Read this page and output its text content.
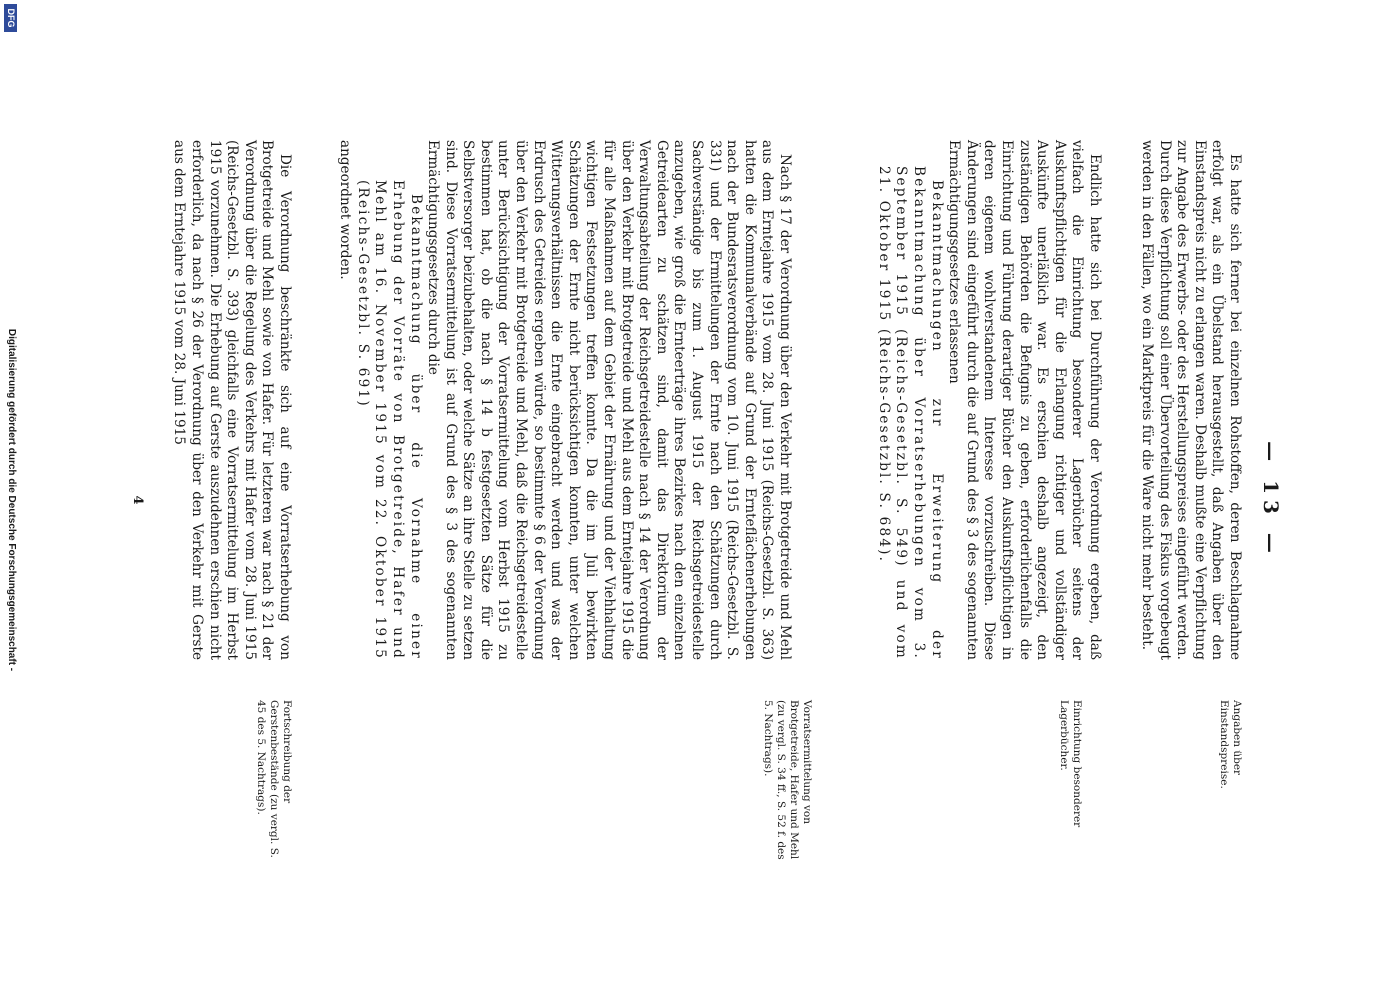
— 13 —

Es hatte sich ferner bei einzelnen Rohstoffen, deren Beschlagnahme erfolgt war, als ein Übelstand herausgestellt, daß Angaben über den Einstandspreis nicht zu erlangen waren. Deshalb mußte eine Verpflichtung zur Angabe des Erwerbs- oder des Herstellungspreises eingeführt werden. Durch diese Verpflichtung soll einer Übervorteilung des Fiskus vorgebeugt werden in den Fällen, wo ein Marktpreis für die Ware nicht mehr besteht.

Endlich hatte sich bei Durchführung der Verordnung ergeben, daß vielfach die Einrichtung besonderer Lagerbücher seitens der Auskunftspflichtigen für die Erlangung richtiger und vollständiger Auskünfte unerläßlich war. Es erschien deshalb angezeigt, den zuständigen Behörden die Befugnis zu geben, erforderlichenfalls die Einrichtung und Führung derartiger Bücher den Auskunftspflichtigen in deren eigenem wohlverstandenem Interesse vorzuschreiben. Diese Änderungen sind eingeführt durch die auf Grund des § 3 des sogenannten Ermächtigungsgesetzes erlassenen

Bekanntmachungen zur Erweiterung der Bekanntmachung über Vorratserhebungen vom 3. September 1915 (Reichs-Gesetzbl. S. 549) und vom 21. Oktober 1915 (Reichs-Gesetzbl. S. 684).

Nach § 17 der Verordnung über den Verkehr mit Brotgetreide und Mehl aus dem Erntejahre 1915 vom 28. Juni 1915 (Reichs-Gesetzbl. S. 363) hatten die Kommunalverbände auf Grund der Ernteflächenerhebungen nach der Bundesratsverordnung vom 10. Juni 1915 (Reichs-Gesetzbl. S. 331) und der Ermittelungen der Ernte nach den Schätzungen durch Sachverständige bis zum 1. August 1915 der Reichsgetreidestelle anzugeben, wie groß die Ernteerträge ihres Bezirkes nach den einzelnen Getreidearten zu schätzen sind, damit das Direktorium der Verwaltungsabteilung der Reichsgetreidestelle nach § 14 der Verordnung über den Verkehr mit Brotgetreide und Mehl aus dem Erntejahre 1915 die für alle Maßnahmen auf dem Gebiet der Ernährung und der Viehhaltung wichtigen Festsetzungen treffen konnte. Da die im Juli bewirkten Schätzungen der Ernte nicht berücksichtigen konnten, unter welchen Witterungsverhältnissen die Ernte eingebracht werden und was der Erdrusch des Getreides ergeben würde, so bestimmte § 6 der Verordnung über den Verkehr mit Brotgetreide und Mehl, daß die Reichsgetreidestelle unter Berücksichtigung der Vorratsermittelung vom Herbst 1915 zu bestimmen hat, ob die nach § 14 b festgesetzten Sätze für die Selbstversorger beizubehalten, oder welche Sätze an ihre Stelle zu setzen sind. Diese Vorratsermittelung ist auf Grund des § 3 des sogenannten Ermächtigungsgesetzes durch die

Bekanntmachung über die Vornahme einer Erhebung der Vorräte von Brotgetreide, Hafer und Mehl am 16. November 1915 vom 22. Oktober 1915 (Reichs-Gesetzbl. S. 691)

angeordnet worden.

Die Verordnung beschränkte sich auf eine Vorratserhebung von Brotgetreide und Mehl sowie von Hafer. Für letzteren war nach § 21 der Verordnung über die Regelung des Verkehrs mit Hafer vom 28. Juni 1915 (Reichs-Gesetzbl. S. 393) gleichfalls eine Vorratsermittelung im Herbst 1915 vorzunehmen. Die Erhebung auf Gerste auszudehnen erschien nicht erforderlich, da nach § 26 der Verordnung über den Verkehr mit Gerste aus dem Erntejahre 1915 vom 28. Juni 1915

Angaben über Einstandspreise.
Einrichtung besonderer Lagerbücher.
Vorratsermittelung von Brotgetreide, Hafer und Mehl (zu vergl. S. 34 ff., S. 52 f. des 5. Nachtrags).
Fortschreibung der Gerstenbestände (zu vergl. S. 45 des 5. Nachtrags).
4
Digitalisierung gefördert durch die Deutsche Forschungsgemeinschaft -
DFG
